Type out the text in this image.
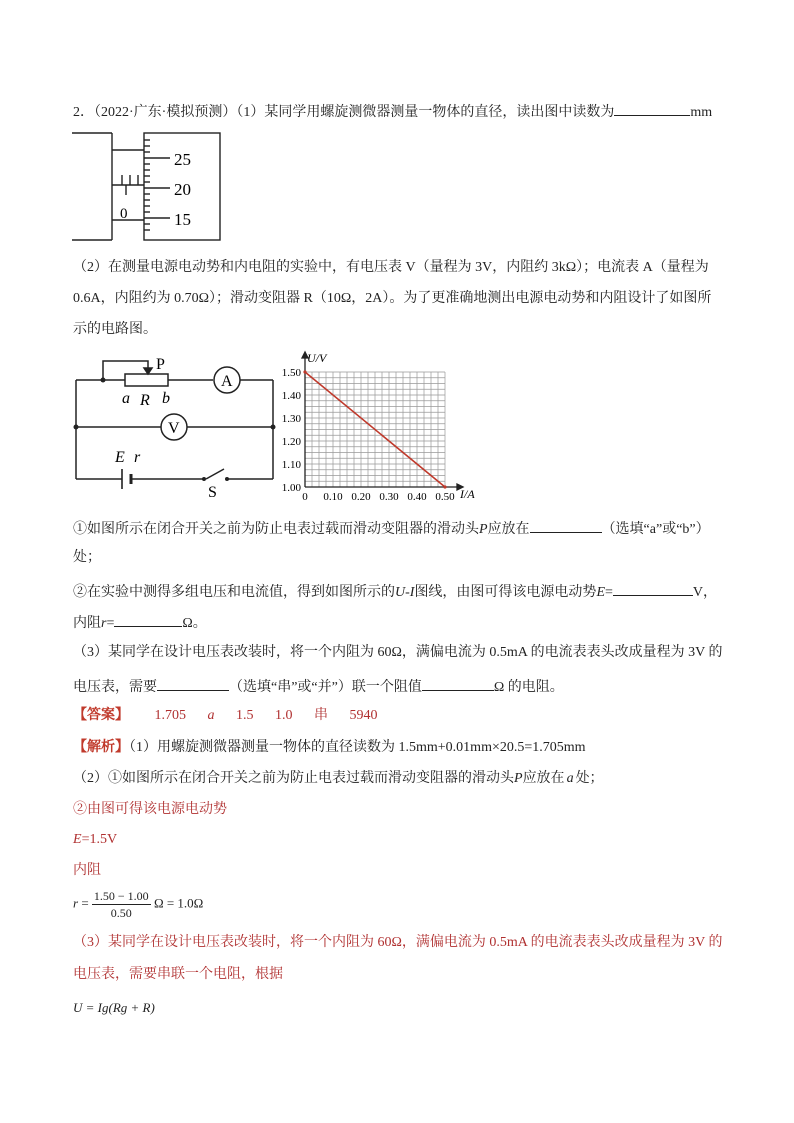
2．（2022·广东·模拟预测）（1）某同学用螺旋测微器测量一物体的直径，读出图中读数为	mm
0
25
20
15
（2）在测量电源电动势和内电阻的实验中，有电压表 V（量程为 3V，内阻约 3kΩ）；电流表 A（量程为
0.6A，内阻约为 0.70Ω）；滑动变阻器 R（10Ω，2A）。为了更准确地测出电源电动势和内阻设计了如图所
示的电路图。
P
a R b
A
V
E r
S	0 0.10 0.20 0.30 0.40 0.50
1.00
1.10
1.20
1.30
1.40
1.50
U/V
I/A
①如图所示在闭合开关之前为防止电表过载而滑动变阻器的滑动头P应放在	（选填“a”或“b”）
处；
②在实验中测得多组电压和电流值，得到如图所示的U-I图线，由图可得该电源电动势E=	V，
内阻r=	Ω。
（3）某同学在设计电压表改装时，将一个内阻为 60Ω，满偏电流为 0.5mA 的电流表表头改成量程为 3V 的
电压表，需要	（选填“串”或“并”）联一个阻值	Ω 的电阻。
【答案】 1.705 a 1.5 1.0 串 5940
【解析】（1）用螺旋测微器测量一物体的直径读数为 1.5mm+0.01mm×20.5=1.705mm
（2）①如图所示在闭合开关之前为防止电表过载而滑动变阻器的滑动头P应放在 a 处；
②由图可得该电源电动势
E=1.5V
内阻
$r = \frac{1.50 - 1.00}{0.50}$ Ω = 1.0Ω
（3）某同学在设计电压表改装时，将一个内阻为 60Ω，满偏电流为 0.5mA 的电流表表头改成量程为 3V 的
电压表，需要串联一个电阻，根据
U = Ig(Rg + R)
